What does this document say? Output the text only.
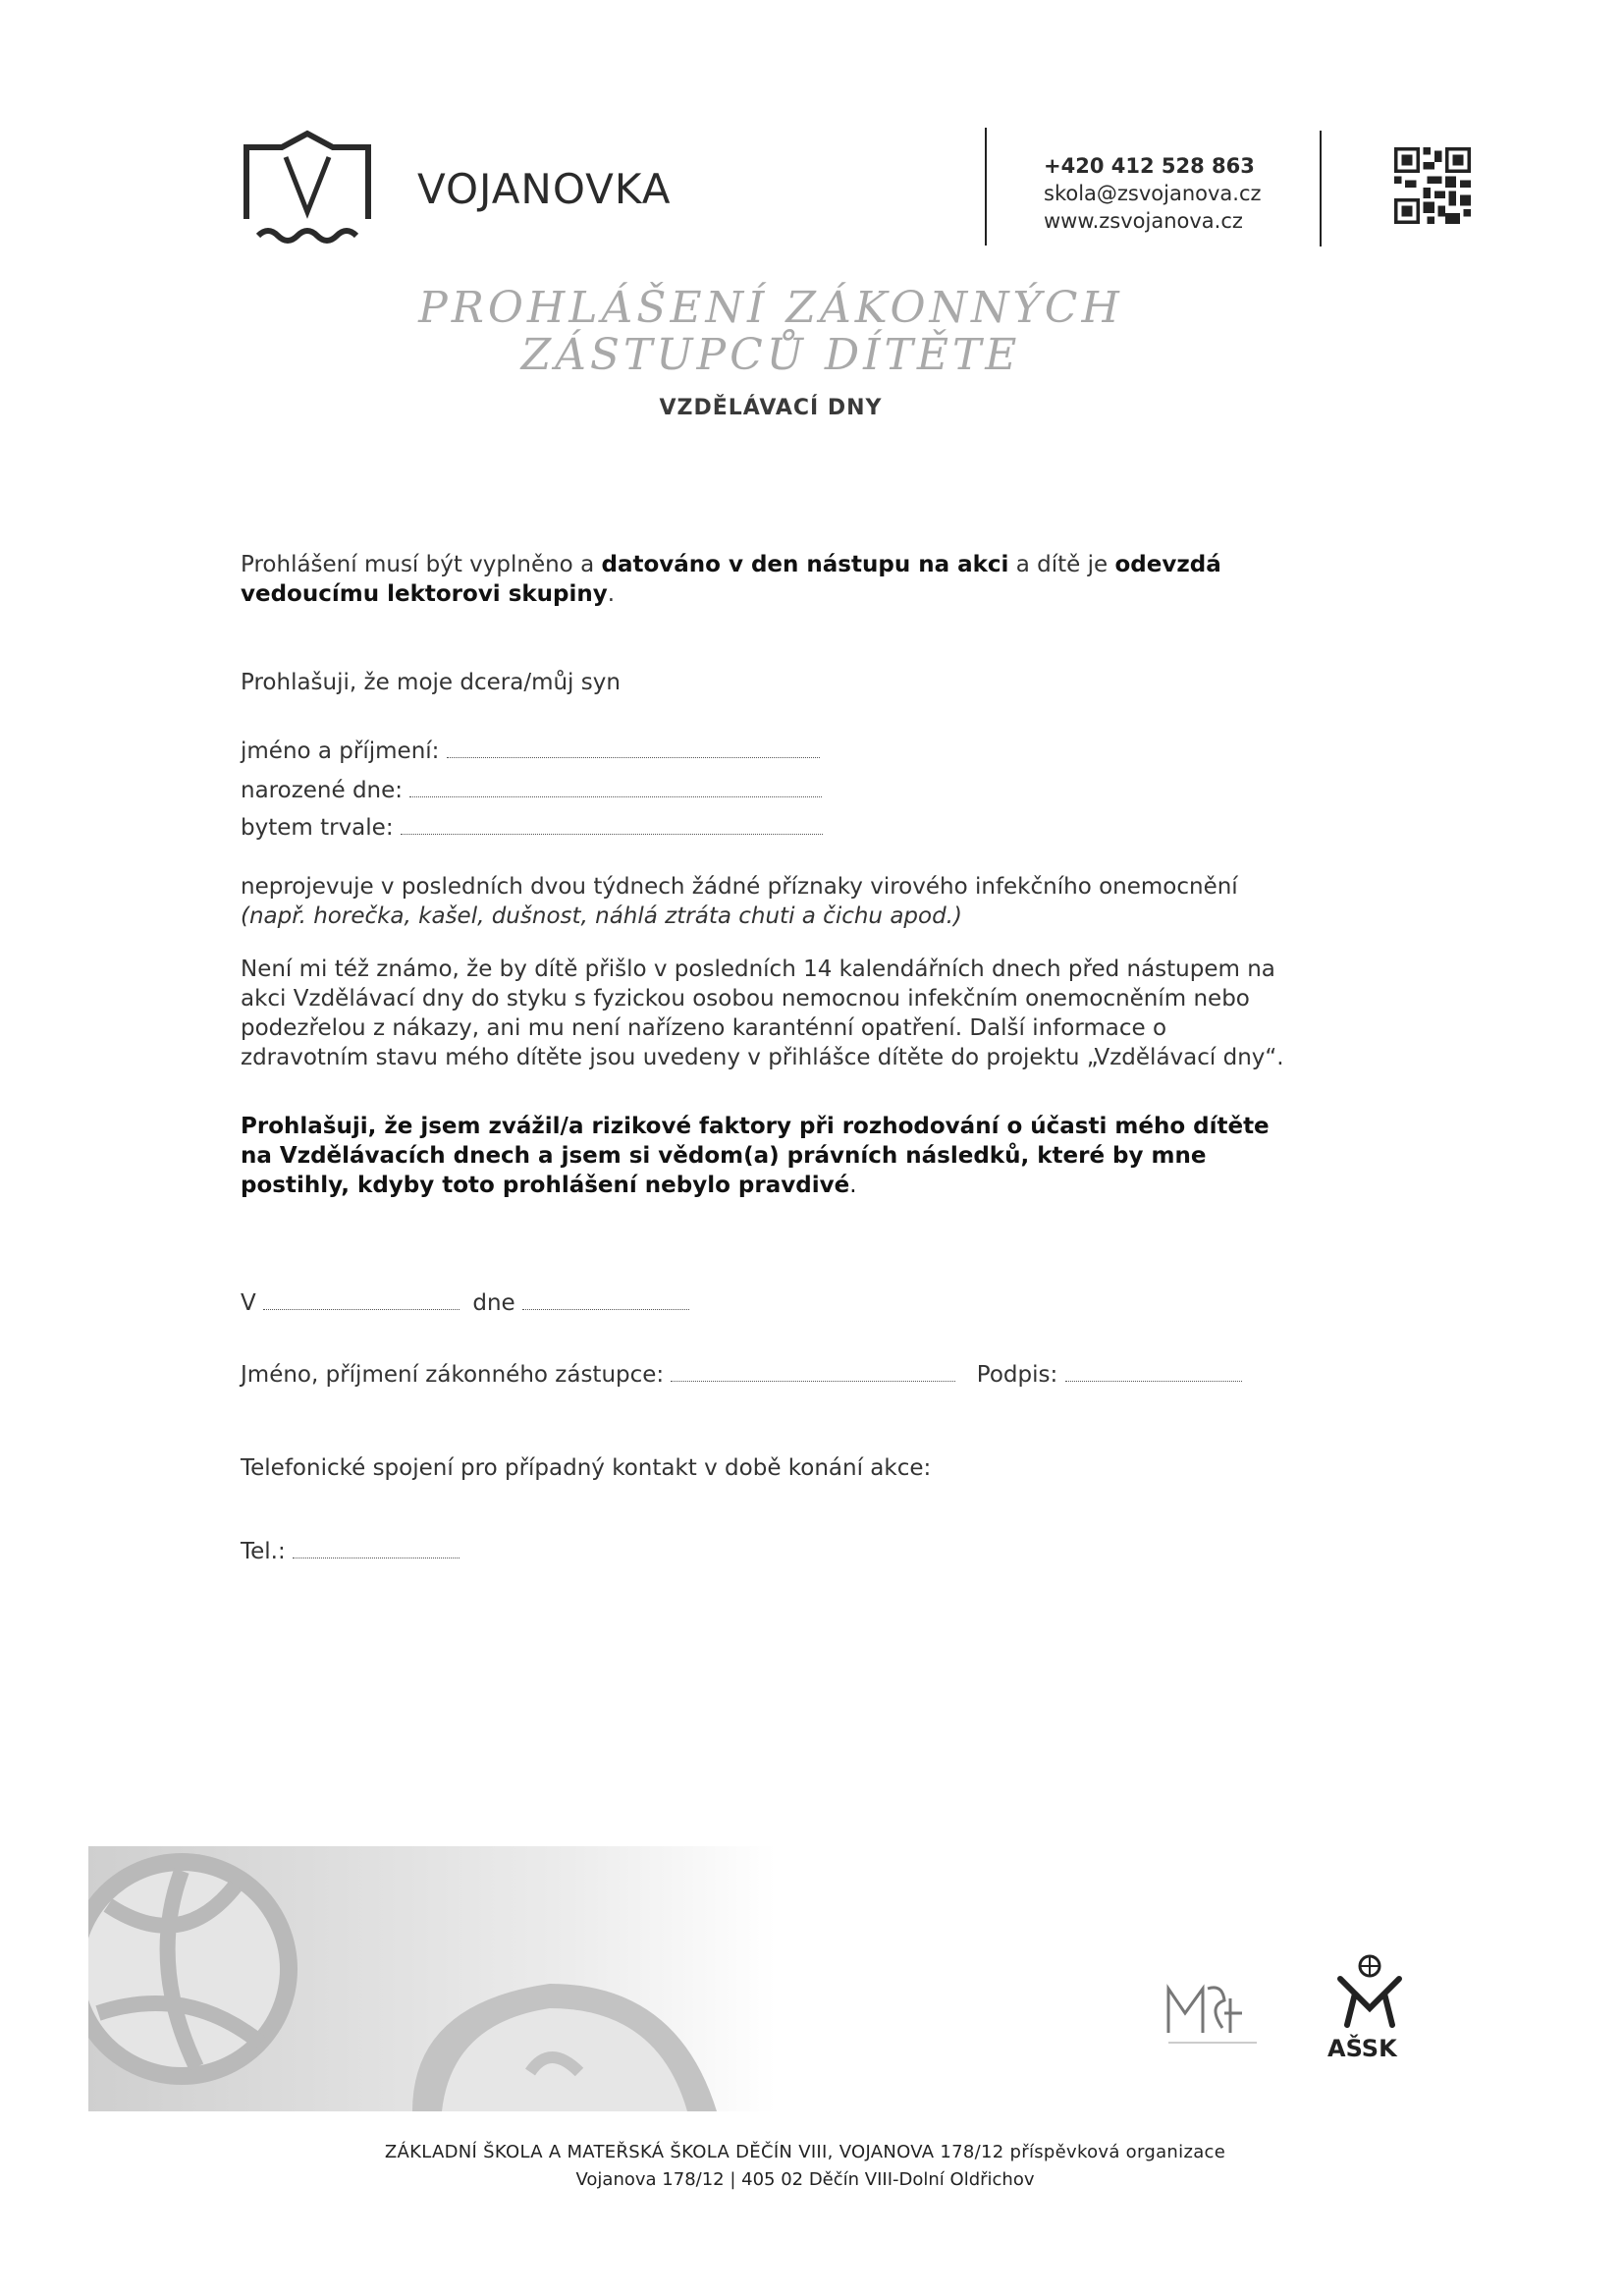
VOJANOVKA	+420 412 528 863
skola@zsvojanova.cz
www.zsvojanova.cz
PROHLÁŠENÍ ZÁKONNÝCH
ZÁSTUPCŮ DÍTĚTE
VZDĚLÁVACÍ DNY
Prohlášení musí být vyplněno a datováno v den nástupu na akci a dítě je odevzdá vedoucímu lektorovi skupiny.
Prohlašuji, že moje dcera/můj syn
jméno a příjmení:
narozené dne:
bytem trvale:
neprojevuje v posledních dvou týdnech žádné příznaky virového infekčního onemocnění
(např. horečka, kašel, dušnost, náhlá ztráta chuti a čichu apod.)
Není mi též známo, že by dítě přišlo v posledních 14 kalendářních dnech před nástupem na akci Vzdělávací dny do styku s fyzickou osobou nemocnou infekčním onemocněním nebo podezřelou z nákazy, ani mu není nařízeno karanténní opatření. Další informace o zdravotním stavu mého dítěte jsou uvedeny v přihlášce dítěte do projektu „Vzdělávací dny“.
Prohlašuji, že jsem zvážil/a rizikové faktory při rozhodování o účasti mého dítěte na Vzdělávacích dnech a jsem si vědom(a) právních následků, které by mne postihly, kdyby toto prohlášení nebylo pravdivé.
V	dne
Jméno, příjmení zákonného zástupce:	Podpis:
Telefonické spojení pro případný kontakt v době konání akce:
Tel.:
AŠSK
ZÁKLADNÍ ŠKOLA A MATEŘSKÁ ŠKOLA DĚČÍN VIII, VOJANOVA 178/12 příspěvková organizace
Vojanova 178/12 | 405 02 Děčín VIII-Dolní Oldřichov
